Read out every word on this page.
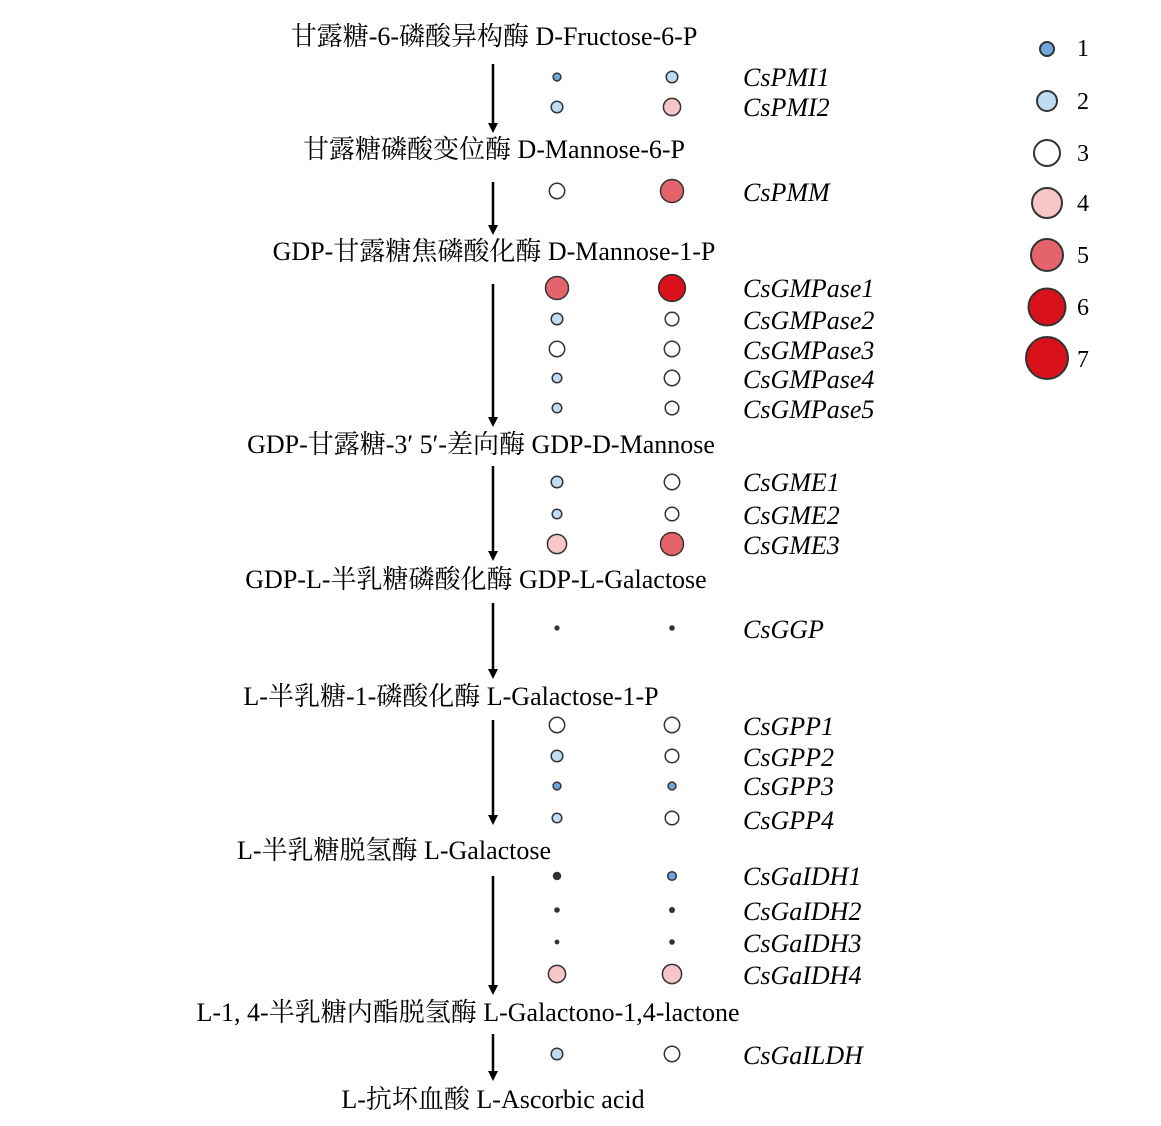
甘露糖-6-磷酸异构酶 D-Fructose-6-P
甘露糖磷酸变位酶 D-Mannose-6-P
GDP-甘露糖焦磷酸化酶 D-Mannose-1-P
GDP-甘露糖-3′ 5′-差向酶 GDP-D-Mannose
GDP-L-半乳糖磷酸化酶 GDP-L-Galactose
L-半乳糖-1-磷酸化酶 L-Galactose-1-P
L-半乳糖脱氢酶 L-Galactose
L-1, 4-半乳糖内酯脱氢酶 L-Galactono-1,4-lactone
L-抗坏血酸 L-Ascorbic acid
CsPMI1
CsPMI2
CsPMM
CsGMPase1
CsGMPase2
CsGMPase3
CsGMPase4
CsGMPase5
CsGME1
CsGME2
CsGME3
CsGGP
CsGPP1
CsGPP2
CsGPP3
CsGPP4
CsGaIDH1
CsGaIDH2
CsGaIDH3
CsGaIDH4
CsGaILDH
1
2
3
4
5
6
7
